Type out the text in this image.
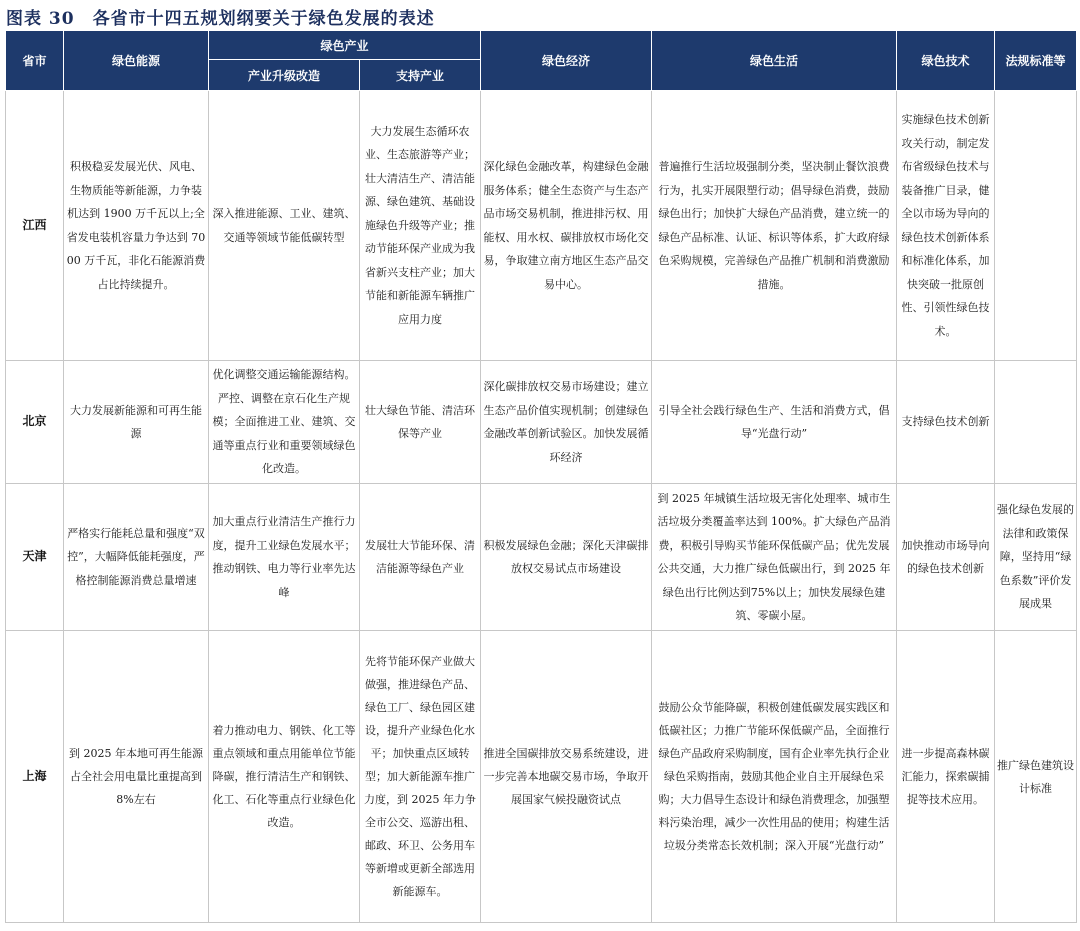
图表 30 各省市十四五规划纲要关于绿色发展的表述
省市	绿色能源	绿色产业		绿色经济	绿色生活	绿色技术	法规标准等
		产业升级改造	支持产业				
江西	积极稳妥发展光伏、风电、生物质能等新能源，力争装机达到 1900 万千瓦以上;全省发电装机容量力争达到 7000 万千瓦，非化石能源消费占比持续提升。	深入推进能源、工业、建筑、交通等领域节能低碳转型	大力发展生态循环农业、生态旅游等产业；壮大清洁生产、清洁能源、绿色建筑、基础设施绿色升级等产业；推动节能环保产业成为我省新兴支柱产业；加大节能和新能源车辆推广应用力度	深化绿色金融改革，构建绿色金融服务体系；健全生态资产与生态产品市场交易机制，推进排污权、用能权、用水权、碳排放权市场化交易，争取建立南方地区生态产品交易中心。	普遍推行生活垃圾强制分类，坚决制止餐饮浪费行为，扎实开展限塑行动；倡导绿色消费，鼓励绿色出行；加快扩大绿色产品消费，建立统一的绿色产品标准、认证、标识等体系，扩大政府绿色采购规模，完善绿色产品推广机制和消费激励措施。	实施绿色技术创新攻关行动，制定发布省级绿色技术与装备推广目录，健全以市场为导向的绿色技术创新体系和标准化体系，加快突破一批原创性、引领性绿色技术。	
北京	大力发展新能源和可再生能源	优化调整交通运输能源结构。严控、调整在京石化生产规模；全面推进工业、建筑、交通等重点行业和重要领域绿色化改造。	壮大绿色节能、清洁环保等产业	深化碳排放权交易市场建设；建立生态产品价值实现机制；创建绿色金融改革创新试验区。加快发展循环经济	引导全社会践行绿色生产、生活和消费方式，倡导“光盘行动”	支持绿色技术创新	
天津	严格实行能耗总量和强度“双控”，大幅降低能耗强度，严格控制能源消费总量增速	加大重点行业清洁生产推行力度，提升工业绿色发展水平；推动钢铁、电力等行业率先达峰	发展壮大节能环保、清洁能源等绿色产业	积极发展绿色金融；深化天津碳排放权交易试点市场建设	到 2025 年城镇生活垃圾无害化处理率、城市生活垃圾分类覆盖率达到 100%。扩大绿色产品消费，积极引导购买节能环保低碳产品；优先发展公共交通，大力推广绿色低碳出行，到 2025 年绿色出行比例达到75%以上；加快发展绿色建筑、零碳小屋。	加快推动市场导向的绿色技术创新	强化绿色发展的法律和政策保障，坚持用“绿色系数”评价发展成果
上海	到 2025 年本地可再生能源占全社会用电量比重提高到 8%左右	着力推动电力、钢铁、化工等重点领域和重点用能单位节能降碳，推行清洁生产和钢铁、化工、石化等重点行业绿色化改造。	先将节能环保产业做大做强，推进绿色产品、绿色工厂、绿色园区建设，提升产业绿色化水平；加快重点区域转型；加大新能源车推广力度，到 2025 年力争全市公交、巡游出租、邮政、环卫、公务用车等新增或更新全部选用新能源车。	推进全国碳排放交易系统建设，进一步完善本地碳交易市场，争取开展国家气候投融资试点	鼓励公众节能降碳，积极创建低碳发展实践区和低碳社区；力推广节能环保低碳产品，全面推行绿色产品政府采购制度，国有企业率先执行企业绿色采购指南，鼓励其他企业自主开展绿色采购；大力倡导生态设计和绿色消费理念，加强塑料污染治理，减少一次性用品的使用；构建生活垃圾分类常态长效机制；深入开展“光盘行动”	进一步提高森林碳汇能力，探索碳捕捉等技术应用。	推广绿色建筑设计标准
